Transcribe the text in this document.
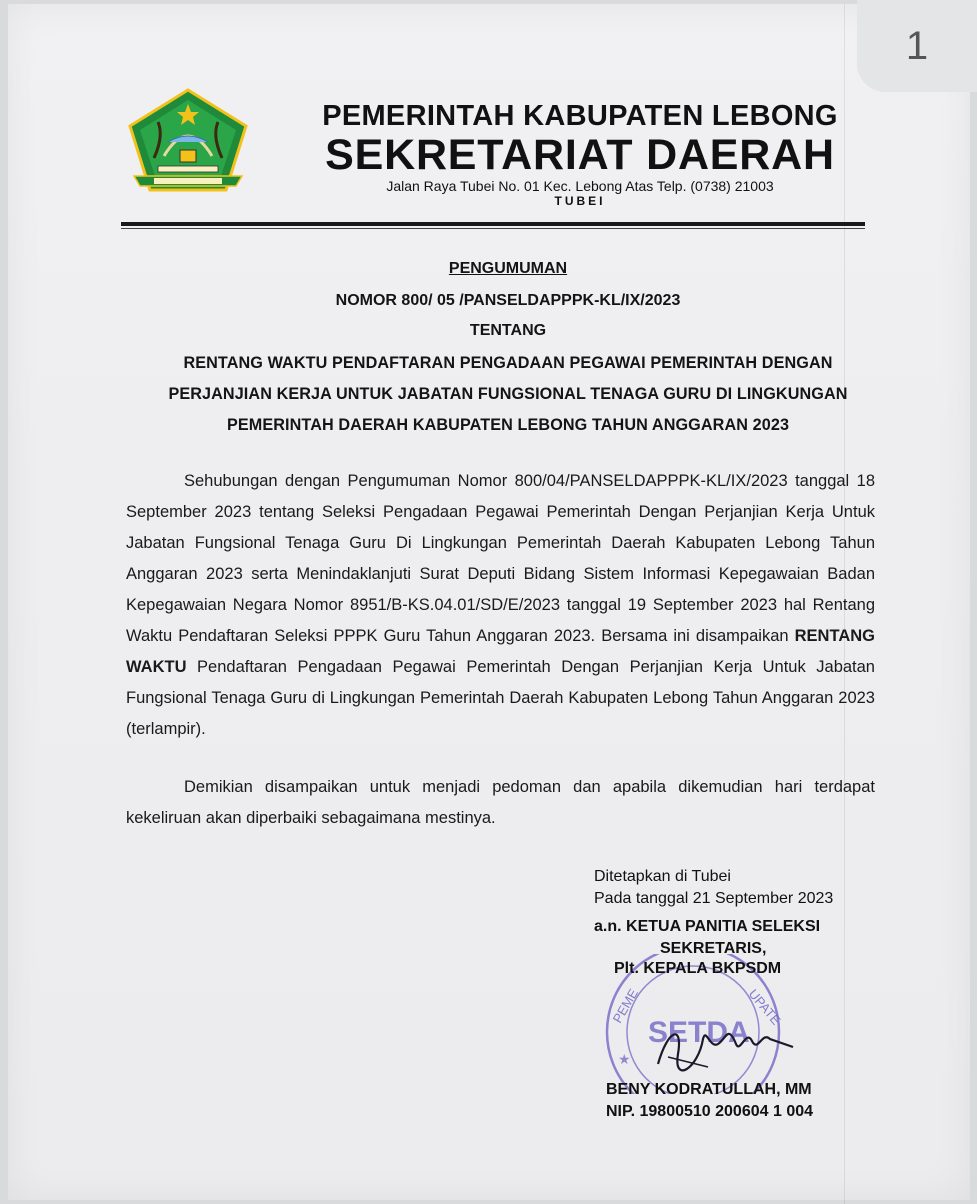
PEMERINTAH KABUPATEN LEBONG
SEKRETARIAT DAERAH
Jalan Raya Tubei No. 01 Kec. Lebong Atas Telp. (0738) 21003
TUBEI
PENGUMUMAN
NOMOR 800/ 05 /PANSELDAPPPK-KL/IX/2023
TENTANG
RENTANG WAKTU PENDAFTARAN PENGADAAN PEGAWAI PEMERINTAH DENGAN
PERJANJIAN KERJA UNTUK JABATAN FUNGSIONAL TENAGA GURU DI LINGKUNGAN
PEMERINTAH DAERAH KABUPATEN LEBONG TAHUN ANGGARAN 2023
Sehubungan dengan Pengumuman Nomor 800/04/PANSELDAPPPK-KL/IX/2023 tanggal 18 September 2023 tentang Seleksi Pengadaan Pegawai Pemerintah Dengan Perjanjian Kerja Untuk Jabatan Fungsional Tenaga Guru Di Lingkungan Pemerintah Daerah Kabupaten Lebong Tahun Anggaran 2023 serta Menindaklanjuti Surat Deputi Bidang Sistem Informasi Kepegawaian Badan Kepegawaian Negara Nomor 8951/B-KS.04.01/SD/E/2023 tanggal 19 September 2023 hal Rentang Waktu Pendaftaran Seleksi PPPK Guru Tahun Anggaran 2023. Bersama ini disampaikan RENTANG WAKTU Pendaftaran Pengadaan Pegawai Pemerintah Dengan Perjanjian Kerja Untuk Jabatan Fungsional Tenaga Guru di Lingkungan Pemerintah Daerah Kabupaten Lebong Tahun Anggaran 2023 (terlampir).
Demikian disampaikan untuk menjadi pedoman dan apabila dikemudian hari terdapat kekeliruan akan diperbaiki sebagaimana mestinya.
PEME	UPATE
SETDA
★
Ditetapkan di Tubei
Pada tanggal 21 September 2023
a.n. KETUA PANITIA SELEKSI
SEKRETARIS,
Plt. KEPALA BKPSDM
BENY KODRATULLAH, MM
NIP. 19800510 200604 1 004
1
